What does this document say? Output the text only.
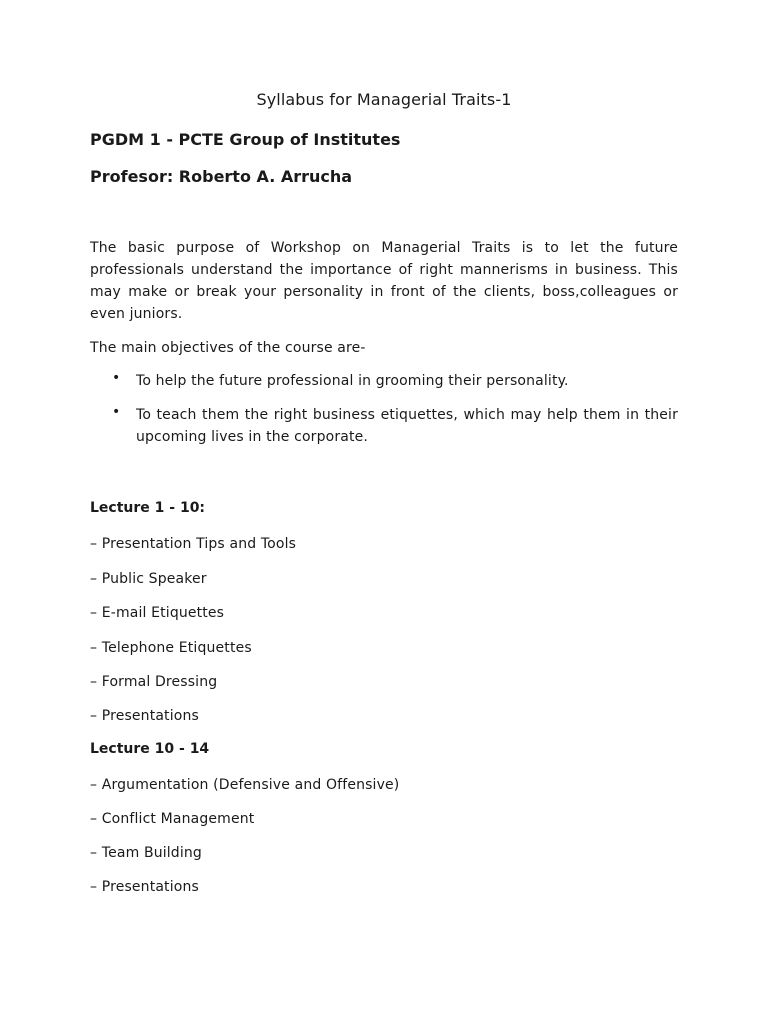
Syllabus for Managerial Traits-1

PGDM 1 - PCTE Group of Institutes

Profesor: Roberto A. Arrucha

The basic purpose of Workshop on Managerial Traits is to let the future professionals understand the importance of right mannerisms in business. This may make or break your personality in front of the clients, boss,colleagues or even juniors.

The main objectives of the course are-

• To help the future professional in grooming their personality.
• To teach them the right business etiquettes, which may help them in their upcoming lives in the corporate.

Lecture 1 - 10:

– Presentation Tips and Tools

– Public Speaker

– E-mail Etiquettes

– Telephone Etiquettes

– Formal Dressing

– Presentations

Lecture 10 - 14

– Argumentation (Defensive and Offensive)

– Conflict Management

– Team Building

– Presentations
